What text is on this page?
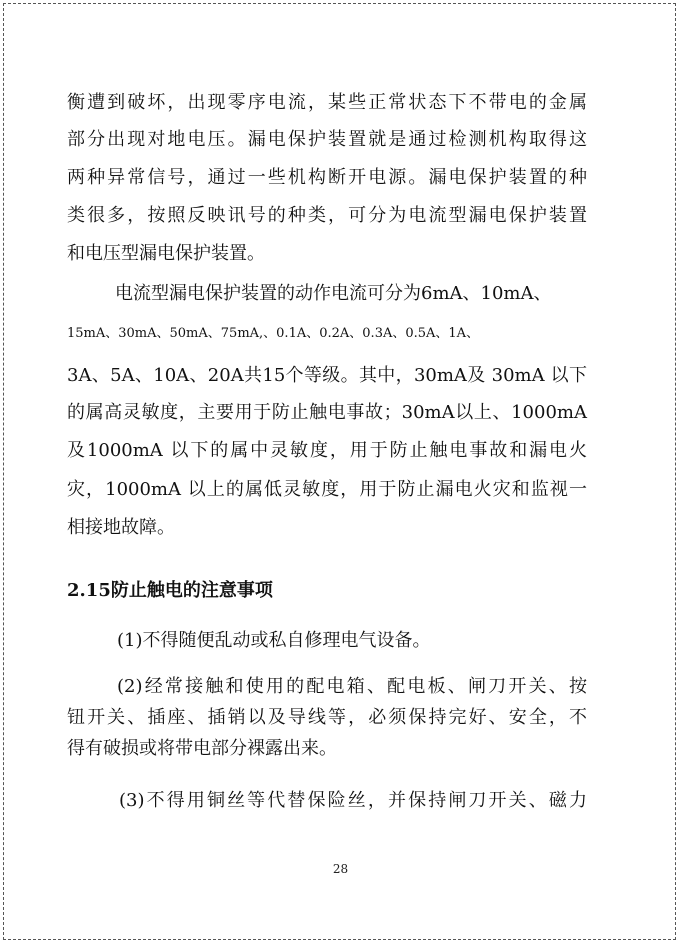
衡遭到破坏，出现零序电流，某些正常状态下不带电的金属
部分出现对地电压。漏电保护装置就是通过检测机构取得这
两种异常信号，通过一些机构断开电源。漏电保护装置的种
类很多，按照反映讯号的种类，可分为电流型漏电保护装置
和电压型漏电保护装置。
电流型漏电保护装置的动作电流可分为6mA、10mA、
15mA、30mA、50mA、75mA,、0.1A、0.2A、0.3A、0.5A、1A、
3A、5A、10A、20A共15个等级。其中，30mA及 30mA 以下
的属高灵敏度，主要用于防止触电事故；30mA以上、1000mA
及1000mA 以下的属中灵敏度，用于防止触电事故和漏电火
灾，1000mA 以上的属低灵敏度，用于防止漏电火灾和监视一
相接地故障。
2.15防止触电的注意事项
(1)不得随便乱动或私自修理电气设备。
(2)经常接触和使用的配电箱、配电板、闸刀开关、按
钮开关、插座、插销以及导线等，必须保持完好、安全，不
得有破损或将带电部分裸露出来。
(3)不得用铜丝等代替保险丝，并保持闸刀开关、磁力
28
